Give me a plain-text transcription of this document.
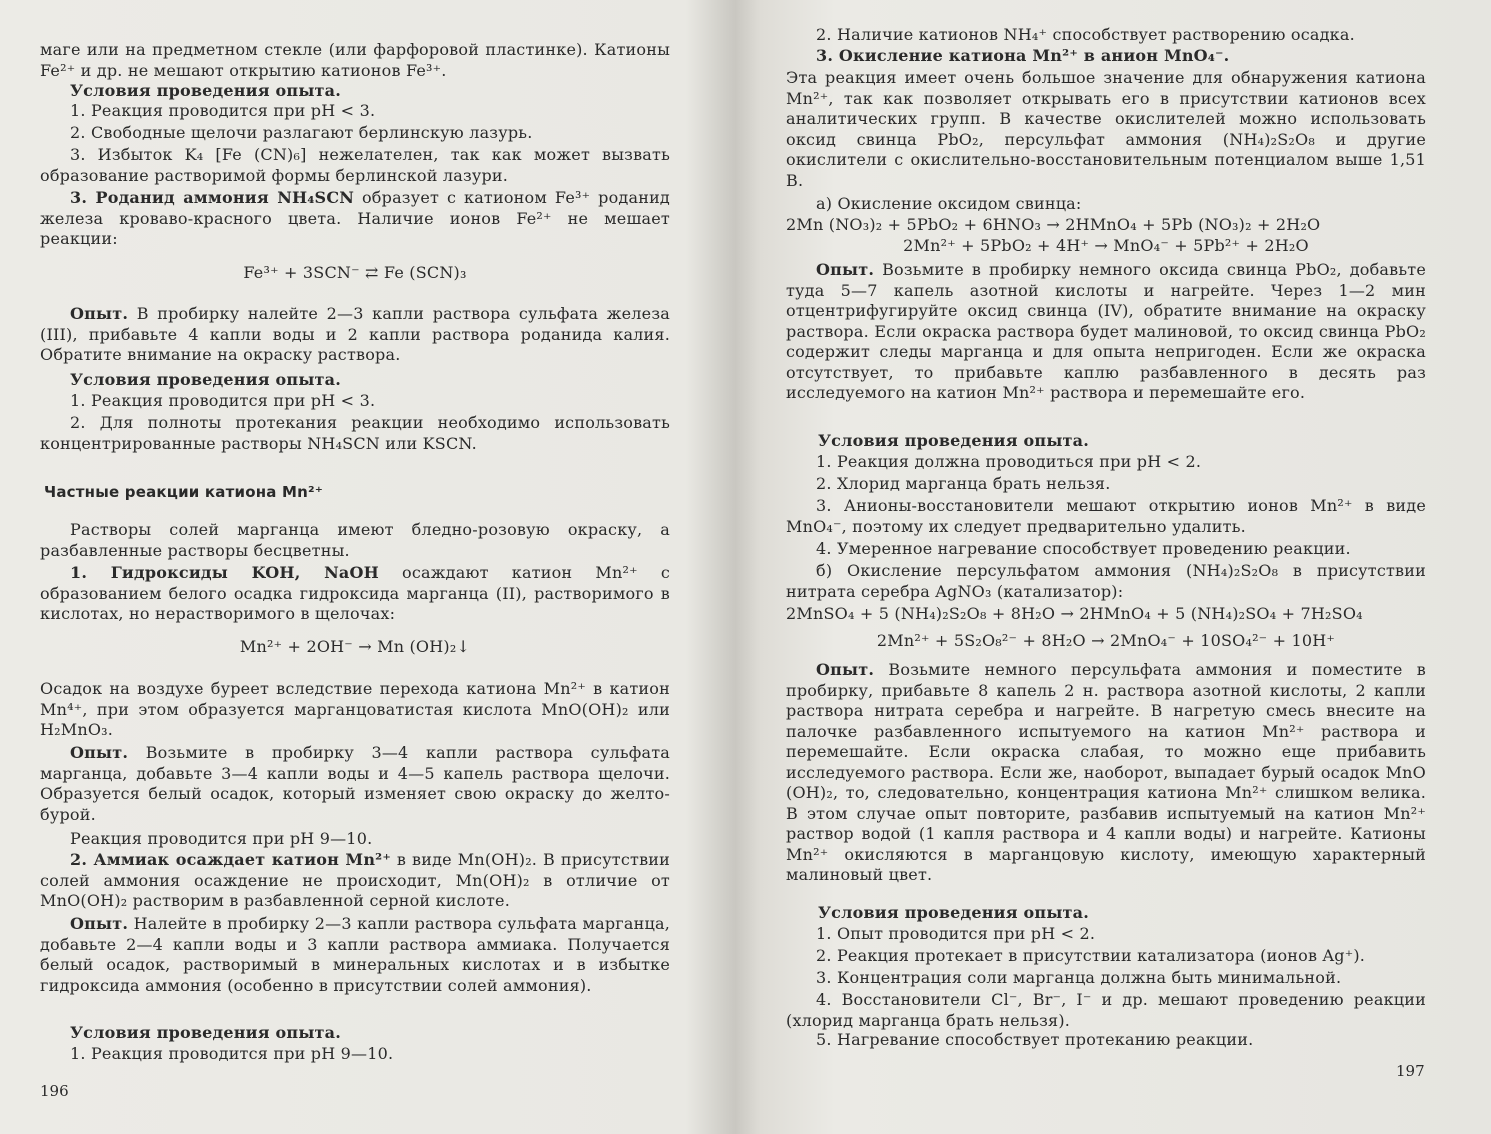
маге или на предметном стекле (или фарфоровой пластинке). Катионы Fe²⁺ и др. не мешают открытию катионов Fe³⁺.
Условия проведения опыта.
1. Реакция проводится при pH < 3.
2. Свободные щелочи разлагают берлинскую лазурь.
3. Избыток K₄ [Fe (CN)₆] нежелателен, так как может вызвать образование растворимой формы берлинской лазури.
3. Роданид аммония NH₄SCN образует с катионом Fe³⁺ роданид железа кроваво-красного цвета. Наличие ионов Fe²⁺ не мешает реакции:
Fe³⁺ + 3SCN⁻ ⇄ Fe (SCN)₃
Опыт. В пробирку налейте 2—3 капли раствора сульфата железа (III), прибавьте 4 капли воды и 2 капли раствора роданида калия. Обратите внимание на окраску раствора.
Условия проведения опыта.
1. Реакция проводится при pH < 3.
2. Для полноты протекания реакции необходимо использовать концентрированные растворы NH₄SCN или KSCN.
Частные реакции катиона Mn²⁺
Растворы солей марганца имеют бледно-розовую окраску, а разбавленные растворы бесцветны.
1. Гидроксиды KOH, NaOH осаждают катион Mn²⁺ с образованием белого осадка гидроксида марганца (II), растворимого в кислотах, но нерастворимого в щелочах:
Mn²⁺ + 2OH⁻ → Mn (OH)₂↓
Осадок на воздухе буреет вследствие перехода катиона Mn²⁺ в катион Mn⁴⁺, при этом образуется марганцоватистая кислота MnO(OH)₂ или H₂MnO₃.
Опыт. Возьмите в пробирку 3—4 капли раствора сульфата марганца, добавьте 3—4 капли воды и 4—5 капель раствора щелочи. Образуется белый осадок, который изменяет свою окраску до желто-бурой.
Реакция проводится при pH 9—10.
2. Аммиак осаждает катион Mn²⁺ в виде Mn(OH)₂. В присутствии солей аммония осаждение не происходит, Mn(OH)₂ в отличие от MnO(OH)₂ растворим в разбавленной серной кислоте.
Опыт. Налейте в пробирку 2—3 капли раствора сульфата марганца, добавьте 2—4 капли воды и 3 капли раствора аммиака. Получается белый осадок, растворимый в минеральных кислотах и в избытке гидроксида аммония (особенно в присутствии солей аммония).
Условия проведения опыта.
1. Реакция проводится при pH 9—10.
196
2. Наличие катионов NH₄⁺ способствует растворению осадка.
3. Окисление катиона Mn²⁺ в анион MnO₄⁻.
Эта реакция имеет очень большое значение для обнаружения катиона Mn²⁺, так как позволяет открывать его в присутствии катионов всех аналитических групп. В качестве окислителей можно использовать оксид свинца PbO₂, персульфат аммония (NH₄)₂S₂O₈ и другие окислители с окислительно-восстановительным потенциалом выше 1,51 В.
а) Окисление оксидом свинца:
2Mn (NO₃)₂ + 5PbO₂ + 6HNO₃ → 2HMnO₄ + 5Pb (NO₃)₂ + 2H₂O
2Mn²⁺ + 5PbO₂ + 4H⁺ → MnO₄⁻ + 5Pb²⁺ + 2H₂O
Опыт. Возьмите в пробирку немного оксида свинца PbO₂, добавьте туда 5—7 капель азотной кислоты и нагрейте. Через 1—2 мин отцентрифугируйте оксид свинца (IV), обратите внимание на окраску раствора. Если окраска раствора будет малиновой, то оксид свинца PbO₂ содержит следы марганца и для опыта непригоден. Если же окраска отсутствует, то прибавьте каплю разбавленного в десять раз исследуемого на катион Mn²⁺ раствора и перемешайте его.
Условия проведения опыта.
1. Реакция должна проводиться при pH < 2.
2. Хлорид марганца брать нельзя.
3. Анионы-восстановители мешают открытию ионов Mn²⁺ в виде MnO₄⁻, поэтому их следует предварительно удалить.
4. Умеренное нагревание способствует проведению реакции.
б) Окисление персульфатом аммония (NH₄)₂S₂O₈ в присутствии нитрата серебра AgNO₃ (катализатор):
2MnSO₄ + 5 (NH₄)₂S₂O₈ + 8H₂O → 2HMnO₄ + 5 (NH₄)₂SO₄ + 7H₂SO₄
2Mn²⁺ + 5S₂O₈²⁻ + 8H₂O → 2MnO₄⁻ + 10SO₄²⁻ + 10H⁺
Опыт. Возьмите немного персульфата аммония и поместите в пробирку, прибавьте 8 капель 2 н. раствора азотной кислоты, 2 капли раствора нитрата серебра и нагрейте. В нагретую смесь внесите на палочке разбавленного испытуемого на катион Mn²⁺ раствора и перемешайте. Если окраска слабая, то можно еще прибавить исследуемого раствора. Если же, наоборот, выпадает бурый осадок MnO (OH)₂, то, следовательно, концентрация катиона Mn²⁺ слишком велика. В этом случае опыт повторите, разбавив испытуемый на катион Mn²⁺ раствор водой (1 капля раствора и 4 капли воды) и нагрейте. Катионы Mn²⁺ окисляются в марганцовую кислоту, имеющую характерный малиновый цвет.
Условия проведения опыта.
1. Опыт проводится при pH < 2.
2. Реакция протекает в присутствии катализатора (ионов Ag⁺).
3. Концентрация соли марганца должна быть минимальной.
4. Восстановители Cl⁻, Br⁻, I⁻ и др. мешают проведению реакции (хлорид марганца брать нельзя).
5. Нагревание способствует протеканию реакции.
197
